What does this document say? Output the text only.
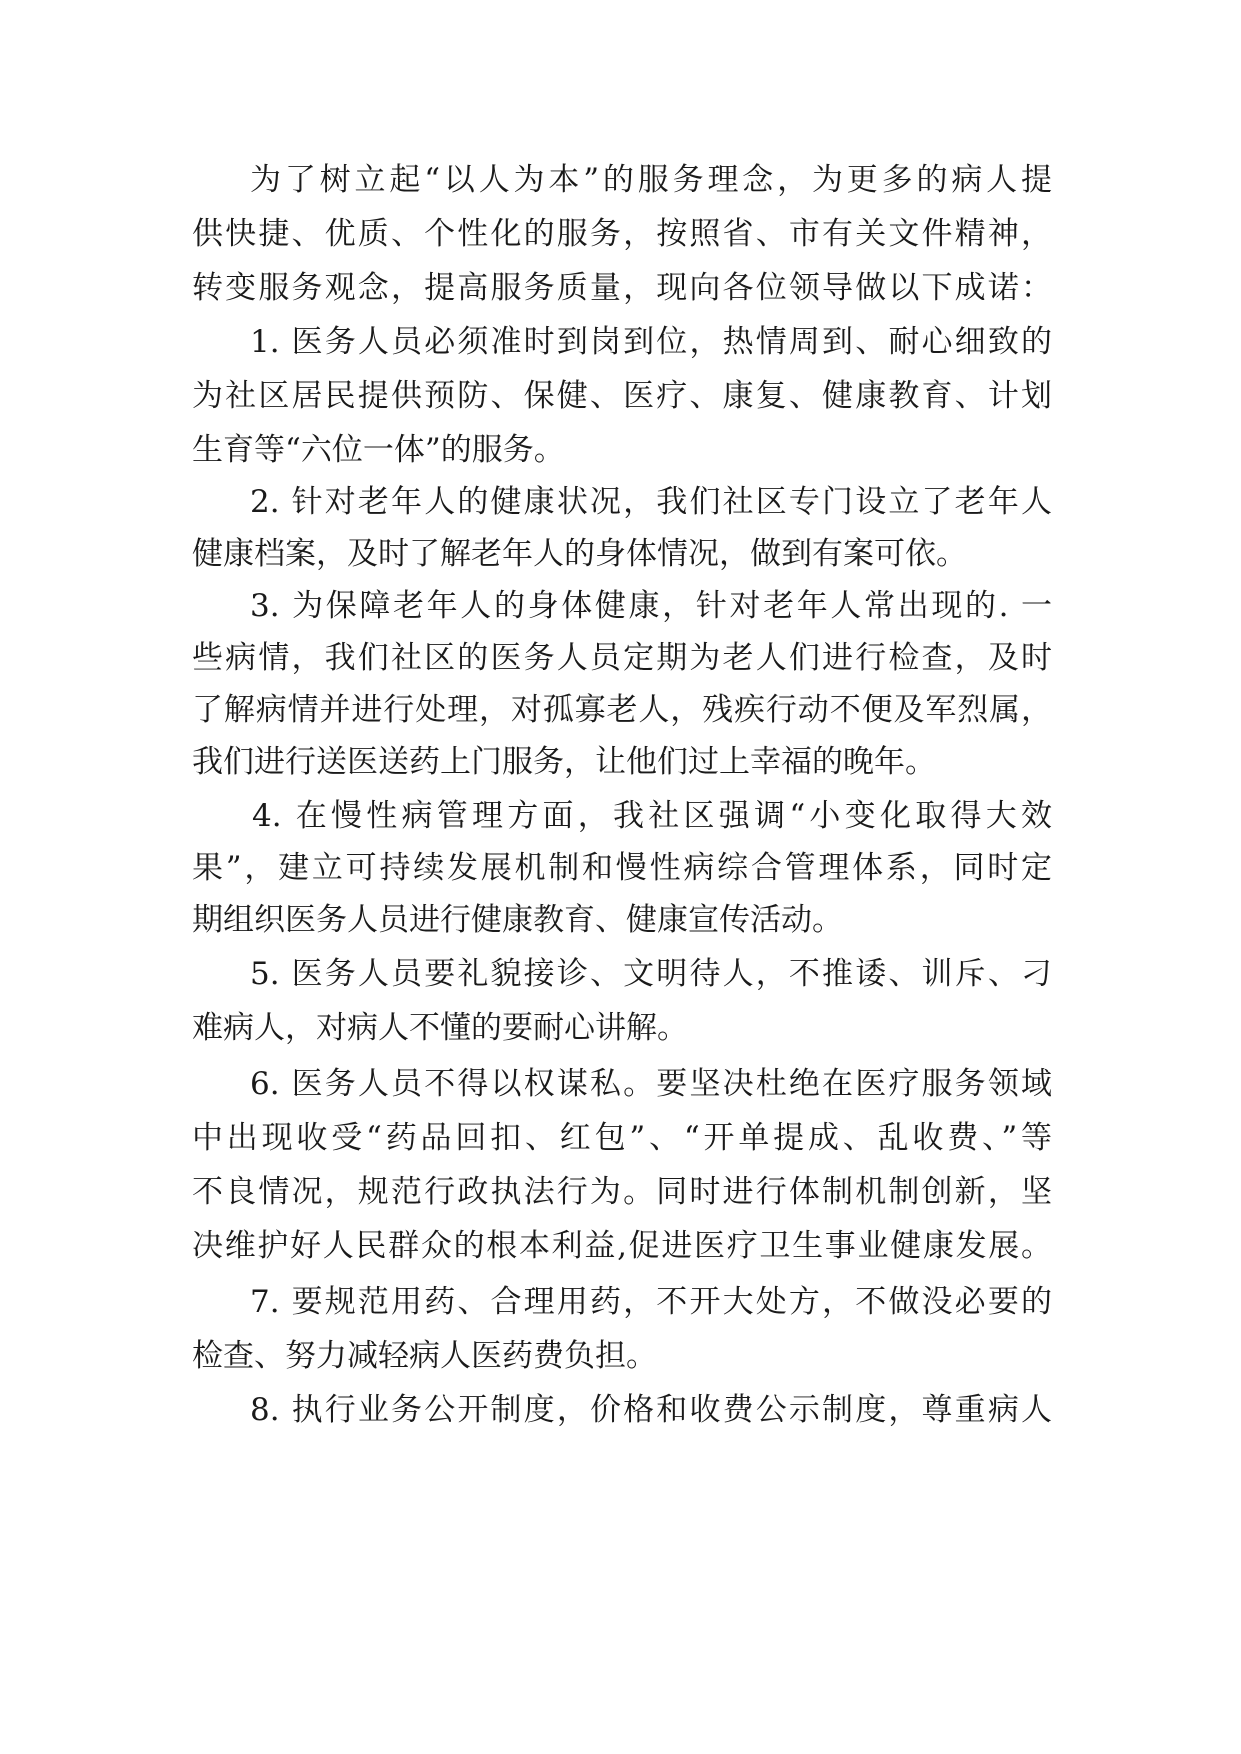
为了树立起“以人为本”的服务理念，为更多的病人提
供快捷、优质、个性化的服务，按照省、市有关文件精神，
转变服务观念，提高服务质量，现向各位领导做以下成诺：
1. 医务人员必须准时到岗到位，热情周到、耐心细致的
为社区居民提供预防、保健、医疗、康复、健康教育、计划
生育等“六位一体”的服务。
2. 针对老年人的健康状况，我们社区专门设立了老年人
健康档案，及时了解老年人的身体情况，做到有案可依。
3. 为保障老年人的身体健康，针对老年人常出现的. 一
些病情，我们社区的医务人员定期为老人们进行检查，及时
了解病情并进行处理，对孤寡老人，残疾行动不便及军烈属，
我们进行送医送药上门服务，让他们过上幸福的晚年。
4. 在慢性病管理方面，我社区强调“小变化取得大效
果”，建立可持续发展机制和慢性病综合管理体系，同时定
期组织医务人员进行健康教育、健康宣传活动。
5. 医务人员要礼貌接诊、文明待人，不推诿、训斥、刁
难病人，对病人不懂的要耐心讲解。
6. 医务人员不得以权谋私。要坚决杜绝在医疗服务领域
中出现收受“药品回扣、红包”、“开单提成、乱收费、”等
不良情况，规范行政执法行为。同时进行体制机制创新，坚
决维护好人民群众的根本利益,促进医疗卫生事业健康发展。
7. 要规范用药、合理用药，不开大处方，不做没必要的
检查、努力减轻病人医药费负担。
8. 执行业务公开制度，价格和收费公示制度，尊重病人
